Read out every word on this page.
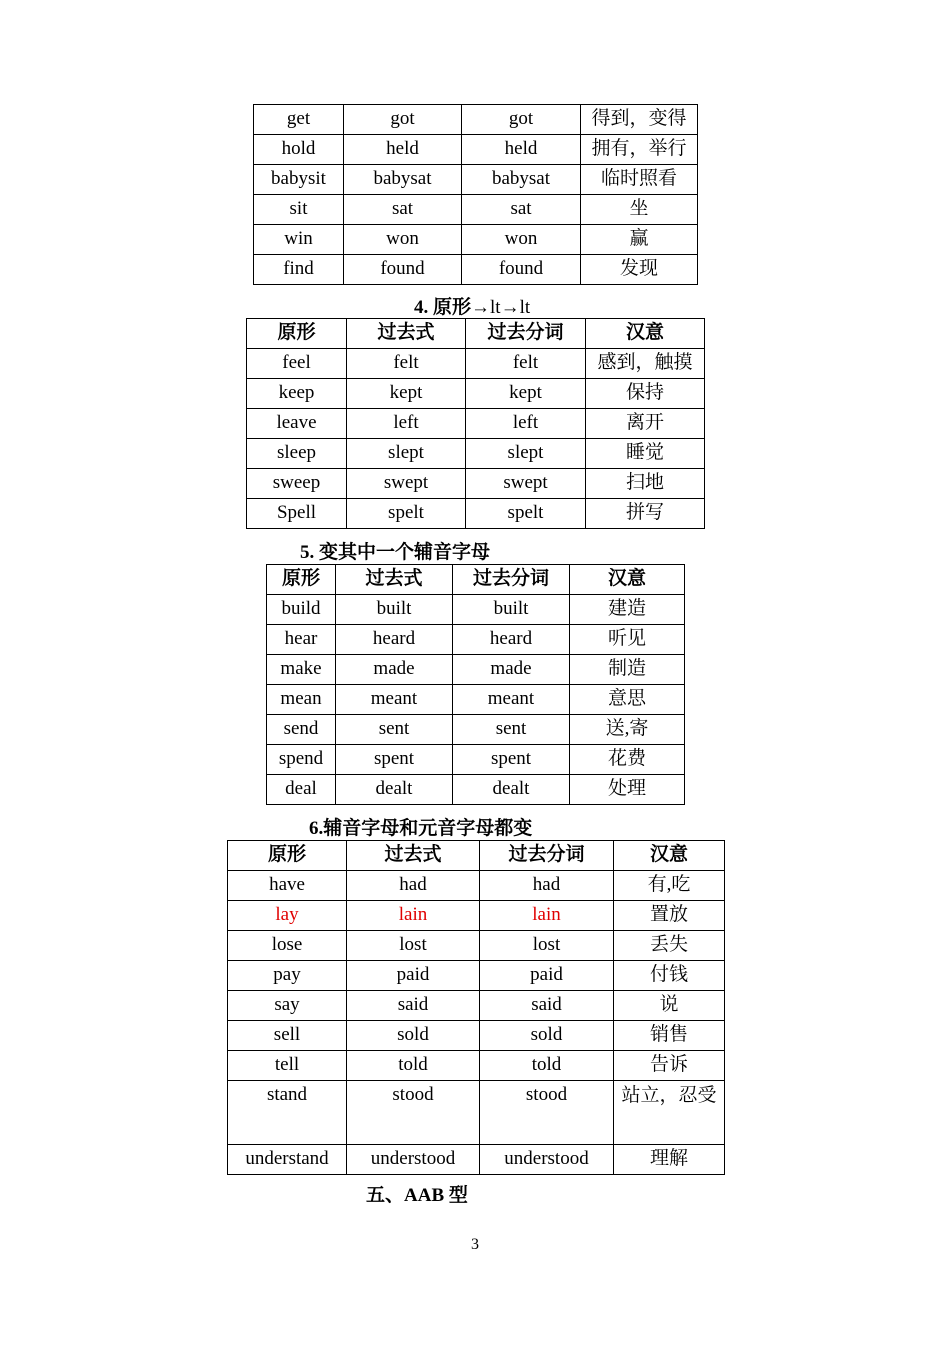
get	got	got	得到，变得
hold	held	held	拥有，举行
babysit	babysat	babysat	临时照看
sit	sat	sat	坐
win	won	won	赢
find	found	found	发现
4. 原形→lt→lt
原形	过去式	过去分词	汉意
feel	felt	felt	感到，触摸
keep	kept	kept	保持
leave	left	left	离开
sleep	slept	slept	睡觉
sweep	swept	swept	扫地
Spell	spelt	spelt	拼写
5. 变其中一个辅音字母
原形	过去式	过去分词	汉意
build	built	built	建造
hear	heard	heard	听见
make	made	made	制造
mean	meant	meant	意思
send	sent	sent	送,寄
spend	spent	spent	花费
deal	dealt	dealt	处理
6.辅音字母和元音字母都变
原形	过去式	过去分词	汉意
have	had	had	有,吃
lay	lain	lain	置放
lose	lost	lost	丢失
pay	paid	paid	付钱
say	said	said	说
sell	sold	sold	销售
tell	told	told	告诉
stand	stood	stood	站立，忍受
understand	understood	understood	理解
五、AAB 型
3
